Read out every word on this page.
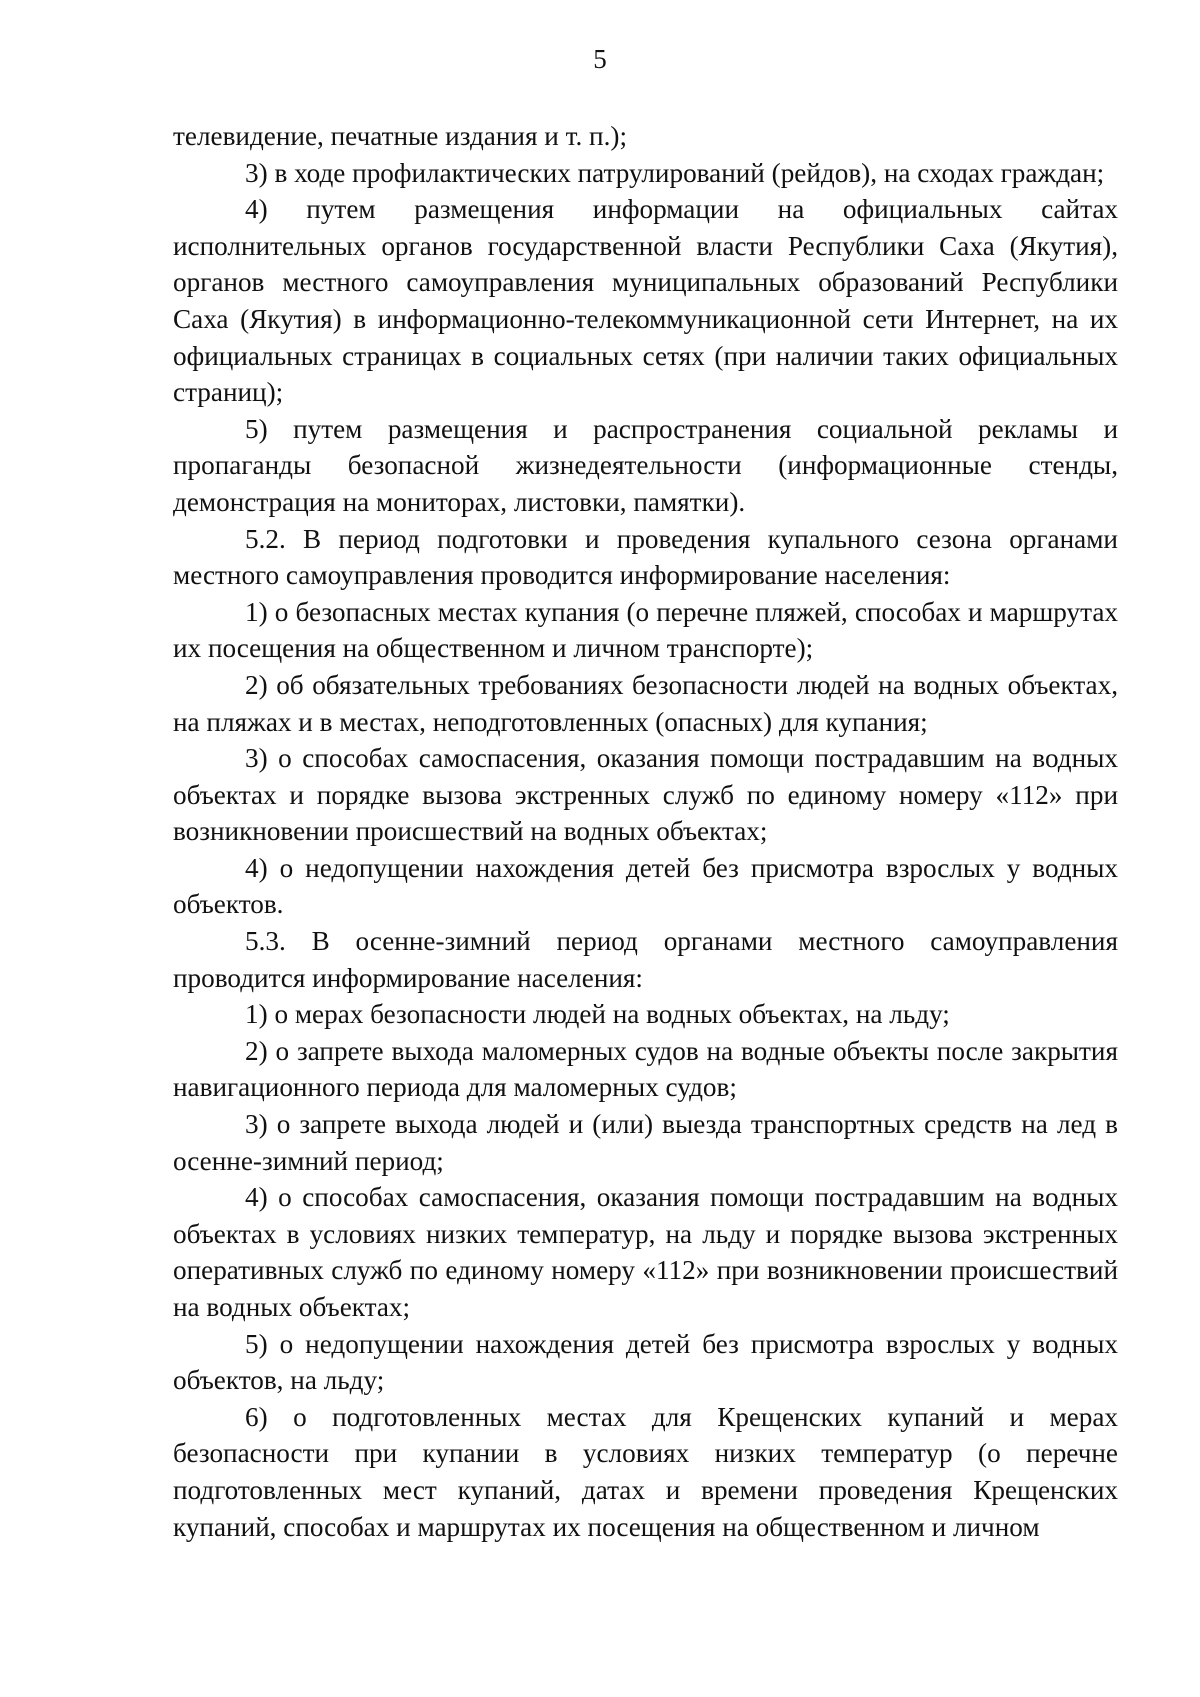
5

телевидение, печатные издания и т. п.);

3) в ходе профилактических патрулирований (рейдов), на сходах граждан;

4) путем размещения информации на официальных сайтах исполнительных органов государственной власти Республики Саха (Якутия), органов местного самоуправления муниципальных образований Республики Саха (Якутия) в информационно-телекоммуникационной сети Интернет, на их официальных страницах в социальных сетях (при наличии таких официальных страниц);

5) путем размещения и распространения социальной рекламы и пропаганды безопасной жизнедеятельности (информационные стенды, демонстрация на мониторах, листовки, памятки).

5.2. В период подготовки и проведения купального сезона органами местного самоуправления проводится информирование населения:

1) о безопасных местах купания (о перечне пляжей, способах и маршрутах их посещения на общественном и личном транспорте);

2) об обязательных требованиях безопасности людей на водных объектах, на пляжах и в местах, неподготовленных (опасных) для купания;

3) о способах самоспасения, оказания помощи пострадавшим на водных объектах и порядке вызова экстренных служб по единому номеру «112» при возникновении происшествий на водных объектах;

4) о недопущении нахождения детей без присмотра взрослых у водных объектов.

5.3. В осенне-зимний период органами местного самоуправления проводится информирование населения:

1) о мерах безопасности людей на водных объектах, на льду;

2) о запрете выхода маломерных судов на водные объекты после закрытия навигационного периода для маломерных судов;

3) о запрете выхода людей и (или) выезда транспортных средств на лед в осенне-зимний период;

4) о способах самоспасения, оказания помощи пострадавшим на водных объектах в условиях низких температур, на льду и порядке вызова экстренных оперативных служб по единому номеру «112» при возникновении происшествий на водных объектах;

5) о недопущении нахождения детей без присмотра взрослых у водных объектов, на льду;

6) о подготовленных местах для Крещенских купаний и мерах безопасности при купании в условиях низких температур (о перечне подготовленных мест купаний, датах и времени проведения Крещенских купаний, способах и маршрутах их посещения на общественном и личном
